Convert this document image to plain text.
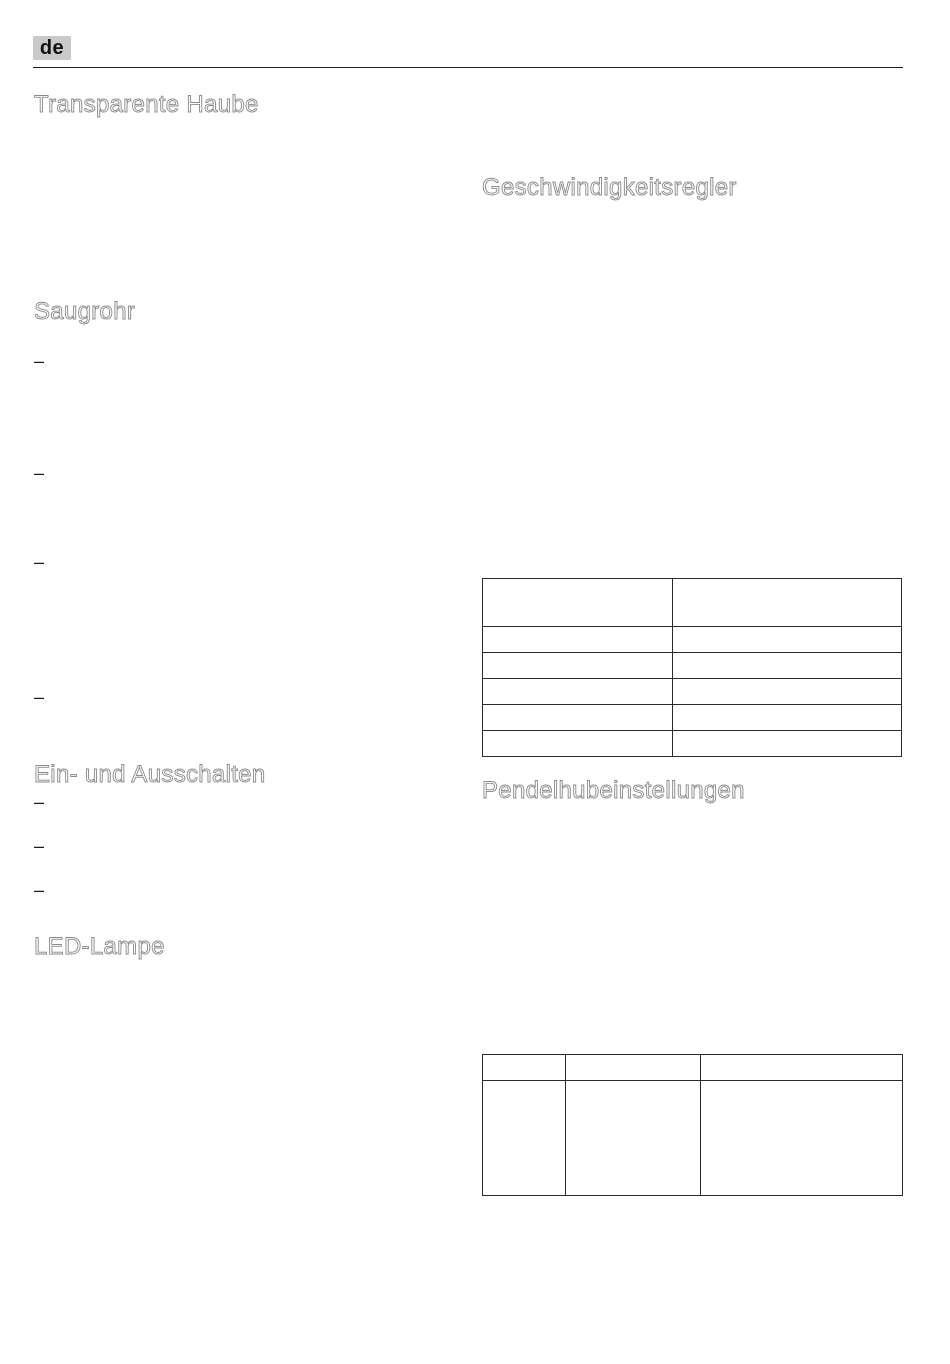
de
Transparente Haube
Saugrohr
–
–
–
–
Ein- und Ausschalten
–
–
–
LED-Lampe
Geschwindigkeitsregler

Pendelhubeinstellungen
